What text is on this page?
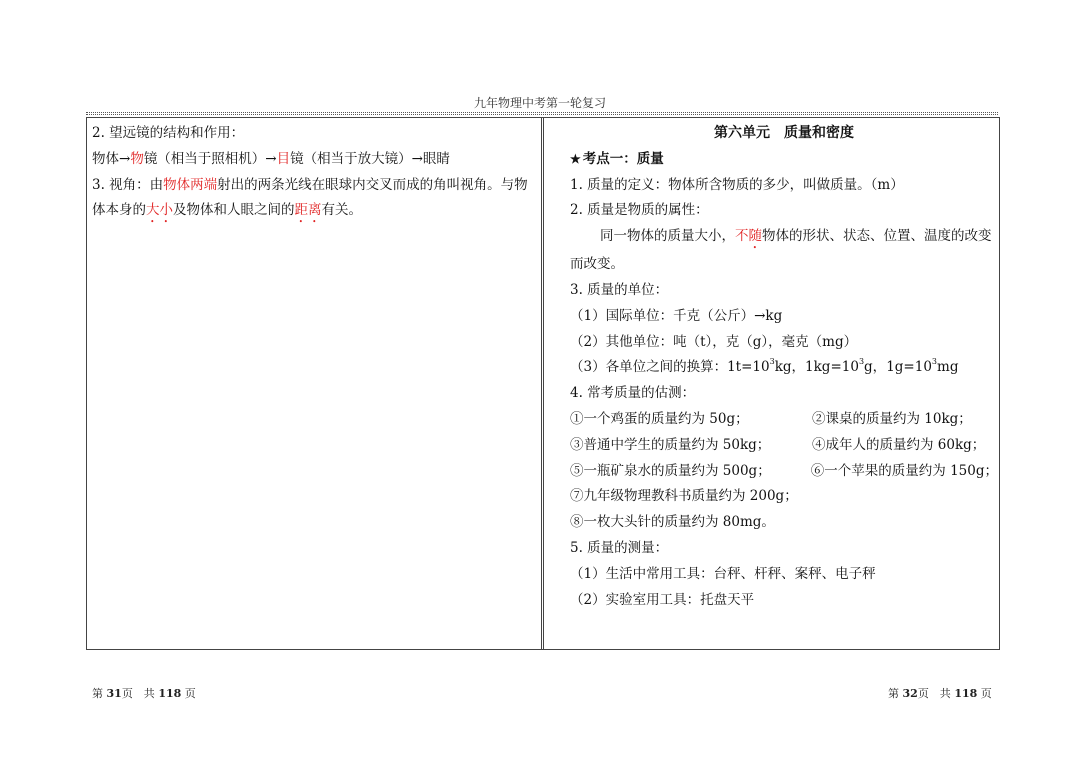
九年物理中考第一轮复习
2. 望远镜的结构和作用：
物体→物镜（相当于照相机）→目镜（相当于放大镜）→眼睛
3. 视角：由物体两端射出的两条光线在眼球内交叉而成的角叫视角。与物体本身的大小及物体和人眼之间的距离有关。
第六单元 质量和密度
★ 考点一：质量
1. 质量的定义：物体所含物质的多少，叫做质量。（m）
2. 质量是物质的属性：
同一物体的质量大小，不随物体的形状、状态、位置、温度的改变而改变。
3. 质量的单位：
（1）国际单位：千克（公斤）→kg
（2）其他单位：吨（t），克（g），毫克（mg）
（3）各单位之间的换算：$1t=10^3kg$，$1kg=10^3g$，$1g=10^3mg$
4. 常考质量的估测：
①一个鸡蛋的质量约为 50g；	②课桌的质量约为 10kg；
③普通中学生的质量约为 50kg；	④成年人的质量约为 60kg；
⑤一瓶矿泉水的质量约为 500g；	⑥一个苹果的质量约为 150g；
⑦九年级物理教科书质量约为 200g；
⑧一枚大头针的质量约为 80mg。
5. 质量的测量：
（1）生活中常用工具：台秤、杆秤、案秤、电子秤
（2）实验室用工具：托盘天平
第 31页　共 118 页	第 32页　共 118 页
